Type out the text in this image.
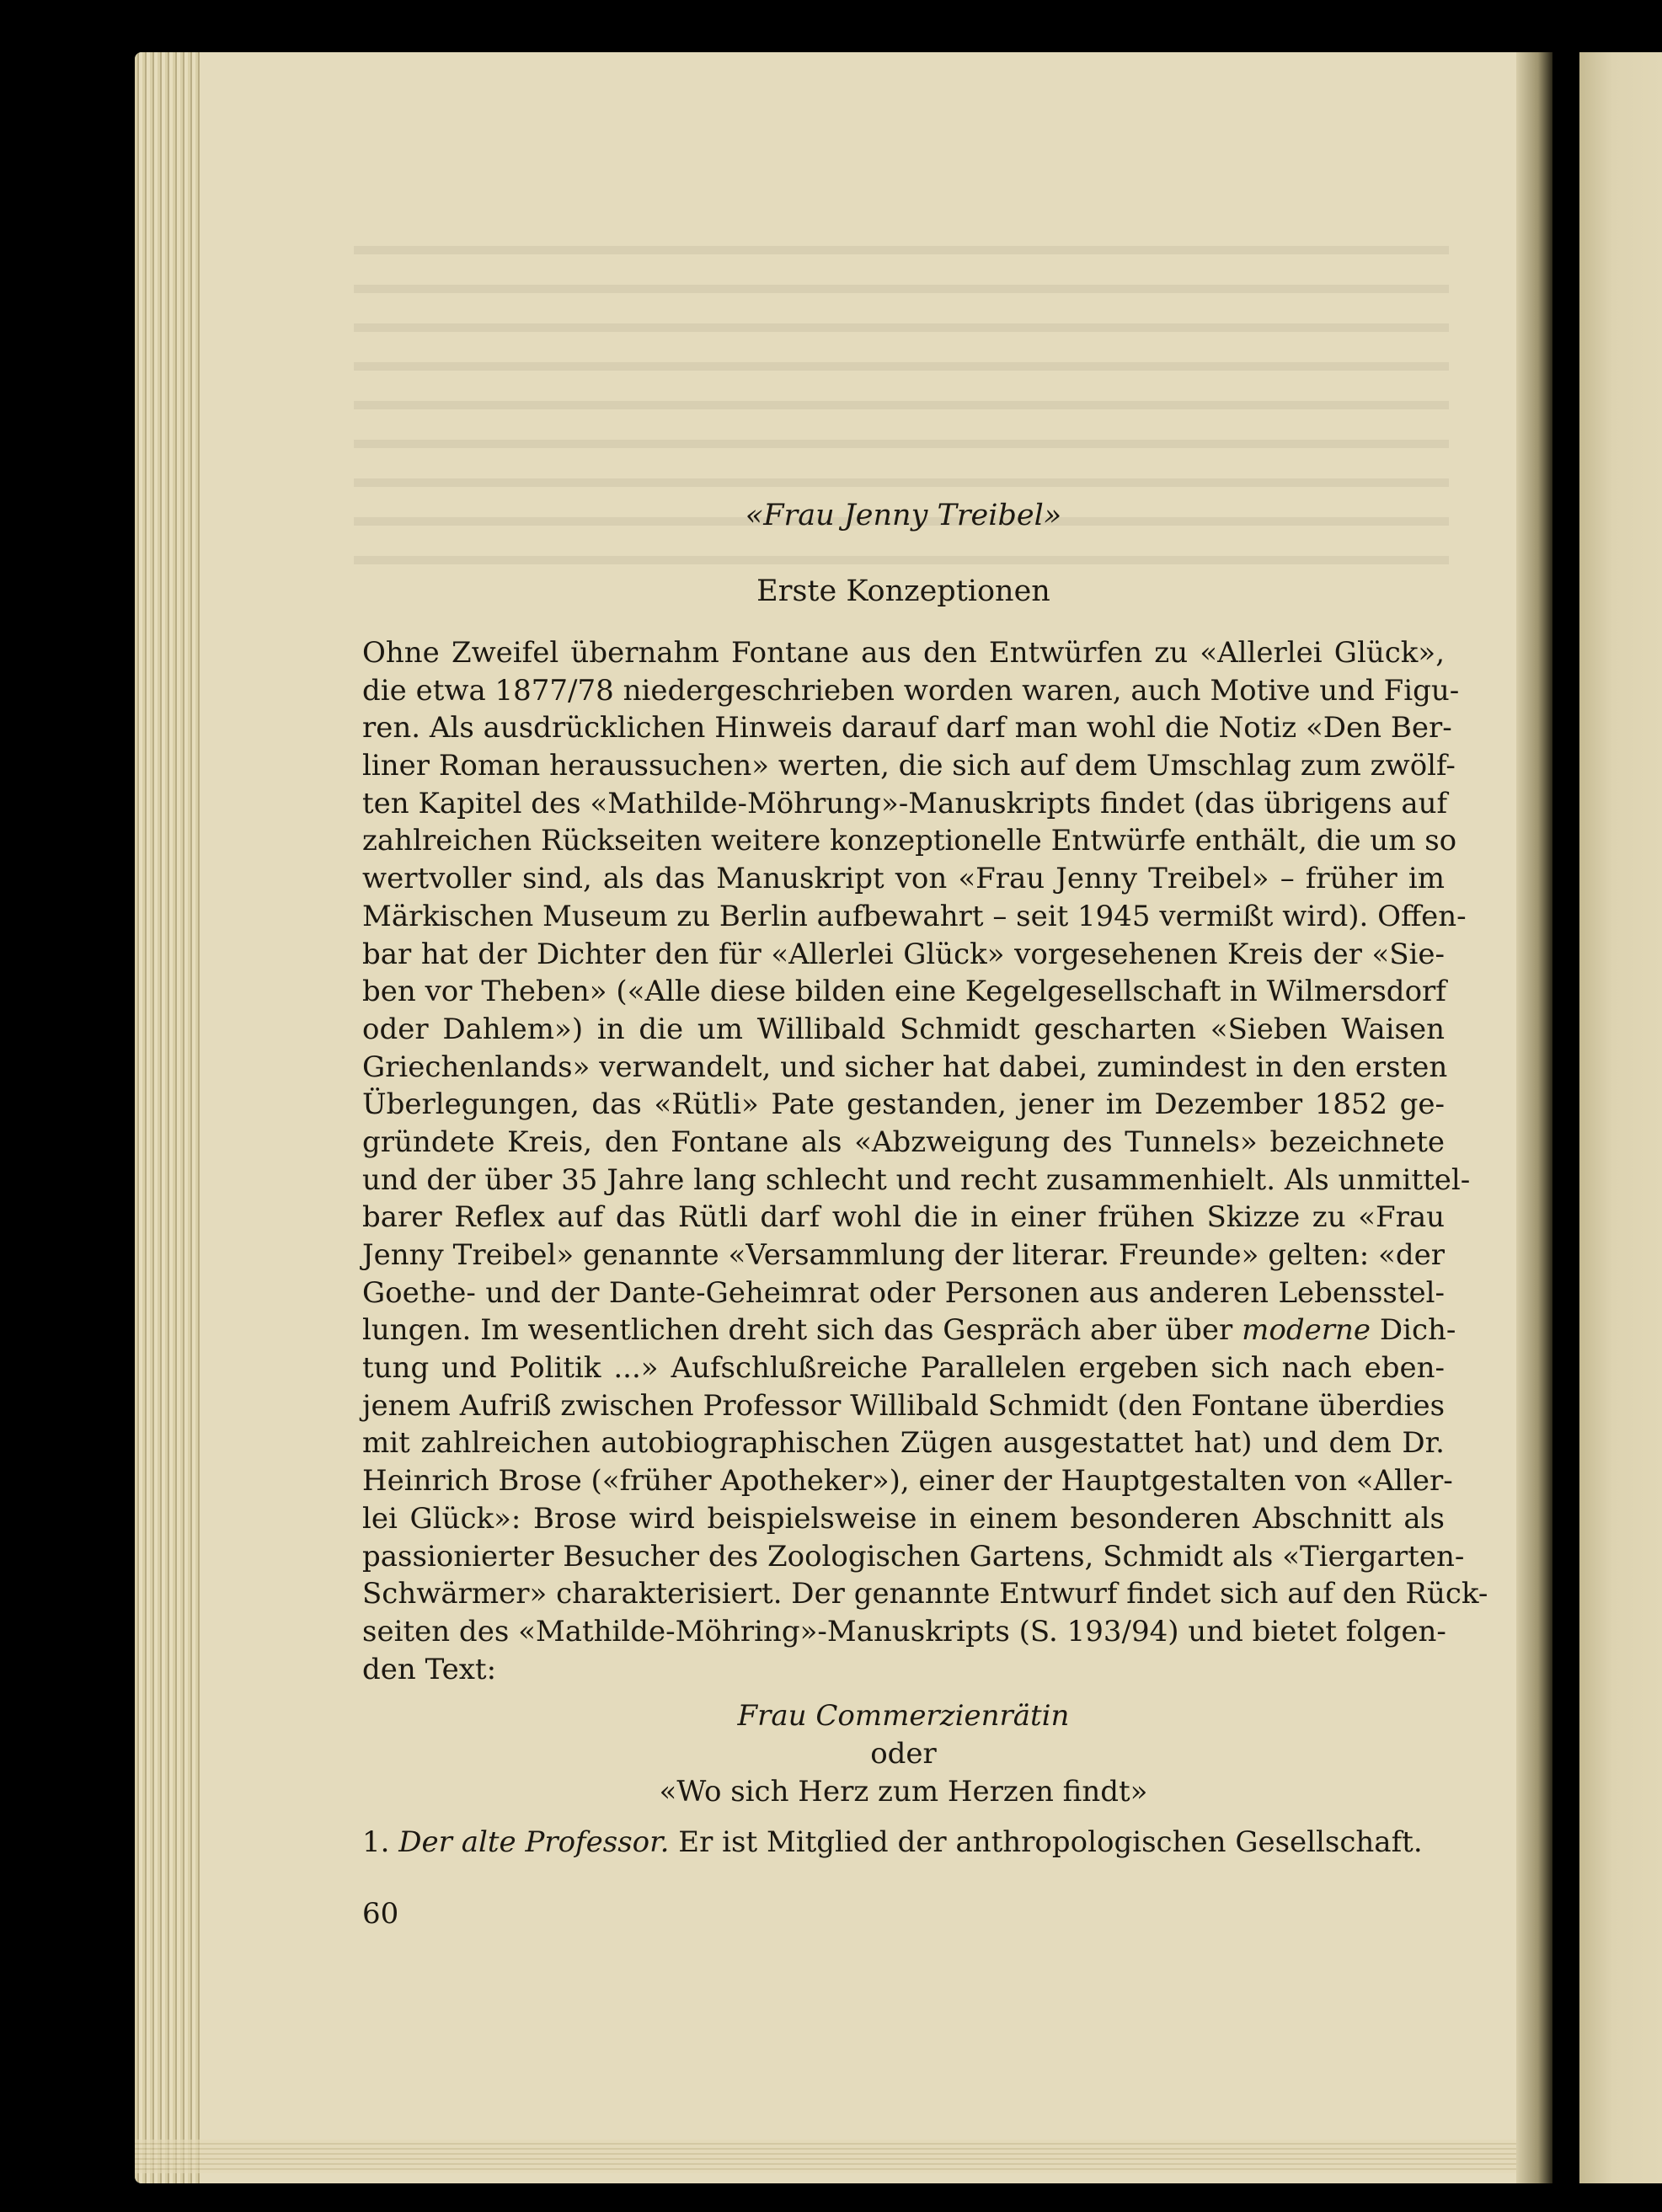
«Frau Jenny Treibel»
Erste Konzeptionen
Ohne Zweifel übernahm Fontane aus den Entwürfen zu «Allerlei Glück»,
die etwa 1877/78 niedergeschrieben worden waren, auch Motive und Figu-
ren. Als ausdrücklichen Hinweis darauf darf man wohl die Notiz «Den Ber-
liner Roman heraussuchen» werten, die sich auf dem Umschlag zum zwölf-
ten Kapitel des «Mathilde-Möhrung»-Manuskripts findet (das übrigens auf
zahlreichen Rückseiten weitere konzeptionelle Entwürfe enthält, die um so
wertvoller sind, als das Manuskript von «Frau Jenny Treibel» – früher im
Märkischen Museum zu Berlin aufbewahrt – seit 1945 vermißt wird). Offen-
bar hat der Dichter den für «Allerlei Glück» vorgesehenen Kreis der «Sie-
ben vor Theben» («Alle diese bilden eine Kegelgesellschaft in Wilmersdorf
oder Dahlem») in die um Willibald Schmidt gescharten «Sieben Waisen
Griechenlands» verwandelt, und sicher hat dabei, zumindest in den ersten
Überlegungen, das «Rütli» Pate gestanden, jener im Dezember 1852 ge-
gründete Kreis, den Fontane als «Abzweigung des Tunnels» bezeichnete
und der über 35 Jahre lang schlecht und recht zusammenhielt. Als unmittel-
barer Reflex auf das Rütli darf wohl die in einer frühen Skizze zu «Frau
Jenny Treibel» genannte «Versammlung der literar. Freunde» gelten: «der
Goethe- und der Dante-Geheimrat oder Personen aus anderen Lebensstel-
lungen. Im wesentlichen dreht sich das Gespräch aber über moderne Dich-
tung und Politik ...» Aufschlußreiche Parallelen ergeben sich nach eben-
jenem Aufriß zwischen Professor Willibald Schmidt (den Fontane überdies
mit zahlreichen autobiographischen Zügen ausgestattet hat) und dem Dr.
Heinrich Brose («früher Apotheker»), einer der Hauptgestalten von «Aller-
lei Glück»: Brose wird beispielsweise in einem besonderen Abschnitt als
passionierter Besucher des Zoologischen Gartens, Schmidt als «Tiergarten-
Schwärmer» charakterisiert. Der genannte Entwurf findet sich auf den Rück-
seiten des «Mathilde-Möhring»-Manuskripts (S. 193/94) und bietet folgen-
den Text:
Frau Commerzienrätin
oder
«Wo sich Herz zum Herzen findt»
1. Der alte Professor. Er ist Mitglied der anthropologischen Gesellschaft.
60
